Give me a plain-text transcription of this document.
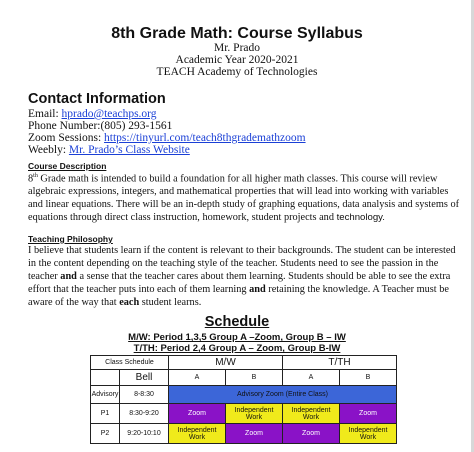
8th Grade Math: Course Syllabus
Mr. Prado
Academic Year 2020-2021
TEACH Academy of Technologies
Contact Information
Email: hprado@teachps.org
Phone Number:(805) 293-1561
Zoom Sessions: https://tinyurl.com/teach8thgrademathzoom
Weebly: Mr. Prado’s Class Website
Course Description
8th Grade math is intended to build a foundation for all higher math classes. This course will review
algebraic expressions, integers, and mathematical properties that will lead into working with variables
and linear equations. There will be an in-depth study of graphing equations, data analysis and systems of
equations through direct class instruction, homework, student projects and technology.
Teaching Philosophy
I believe that students learn if the content is relevant to their backgrounds. The student can be interested
in the content depending on the teaching style of the teacher. Students need to see the passion in the
teacher and a sense that the teacher cares about them learning. Students should be able to see the extra
effort that the teacher puts into each of them learning and retaining the knowledge. A Teacher must be
aware of the way that each student learns.
Schedule
M/W: Period 1,3,5 Group A –Zoom, Group B – IW
T/TH: Period 2,4 Group A – Zoom, Group B-IW
Class Schedule		M/W		T/TH	
	Bell	A	B	A	B
Advisory	8-8:30	Advisory Zoom (Entire Class)			
P1	8:30-9:20	Zoom	Independent Work	Independent Work	Zoom
P2	9:20-10:10	Independent Work	Zoom	Zoom	Independent Work
